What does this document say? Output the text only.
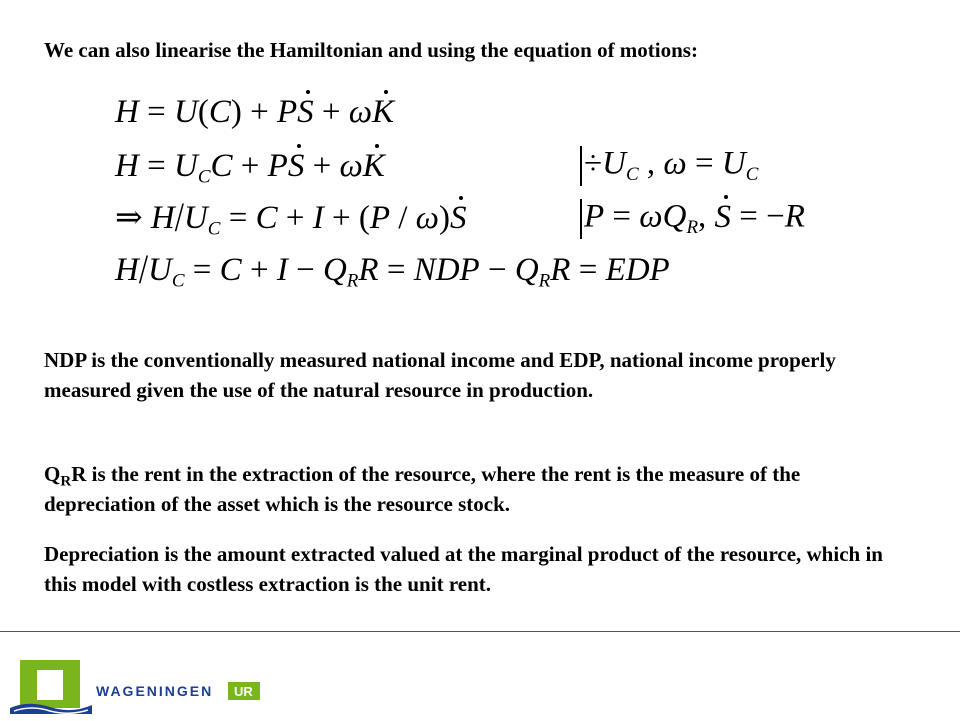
We can also linearise the Hamiltonian and using the equation of motions:
H = U(C) + PS + ωK
$H = U_CC$ + PS + ωK	$\div U_C$ , $\omega = U_C$
⇒ $H/U_C = C + I + (P / \omega)S$	$P = \omega Q_R$, S = −R
$H/U_C = C + I - Q_RR$ = NDP − $Q_RR$ = EDP
NDP is the conventionally measured national income and EDP, national income properly measured given the use of the natural resource in production.
$Q_RR$ is the rent in the extraction of the resource, where the rent is the measure of the depreciation of the asset which is the resource stock.
Depreciation is the amount extracted valued at the marginal product of the resource, which in this model with costless extraction is the unit rent.
WAGENINGEN UR
